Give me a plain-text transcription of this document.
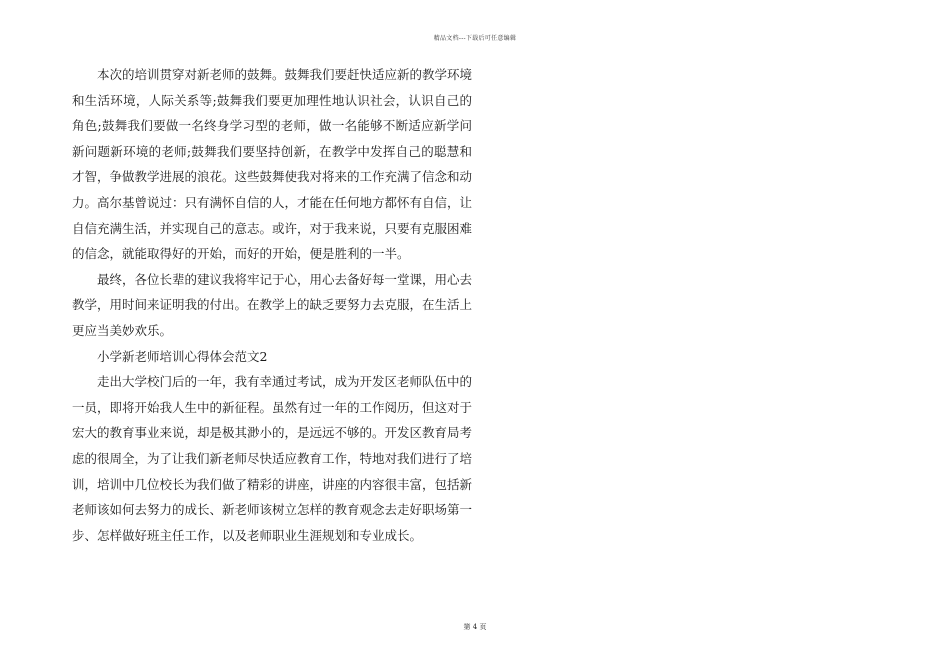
精品文档---下载后可任意编辑

本次的培训贯穿对新老师的鼓舞。鼓舞我们要赶快适应新的教学环境和生活环境，人际关系等;鼓舞我们要更加理性地认识社会，认识自己的角色;鼓舞我们要做一名终身学习型的老师，做一名能够不断适应新学问新问题新环境的老师;鼓舞我们要坚持创新，在教学中发挥自己的聪慧和才智，争做教学进展的浪花。这些鼓舞使我对将来的工作充满了信念和动力。高尔基曾说过：只有满怀自信的人，才能在任何地方都怀有自信，让自信充满生活，并实现自己的意志。或许，对于我来说，只要有克服困难的信念，就能取得好的开始，而好的开始，便是胜利的一半。

最终，各位长辈的建议我将牢记于心，用心去备好每一堂课，用心去教学，用时间来证明我的付出。在教学上的缺乏要努力去克服，在生活上更应当美妙欢乐。

小学新老师培训心得体会范文2

走出大学校门后的一年，我有幸通过考试，成为开发区老师队伍中的一员，即将开始我人生中的新征程。虽然有过一年的工作阅历，但这对于宏大的教育事业来说，却是极其渺小的，是远远不够的。开发区教育局考虑的很周全，为了让我们新老师尽快适应教育工作，特地对我们进行了培训，培训中几位校长为我们做了精彩的讲座，讲座的内容很丰富，包括新老师该如何去努力的成长、新老师该树立怎样的教育观念去走好职场第一步、怎样做好班主任工作，以及老师职业生涯规划和专业成长。

第 4 页
